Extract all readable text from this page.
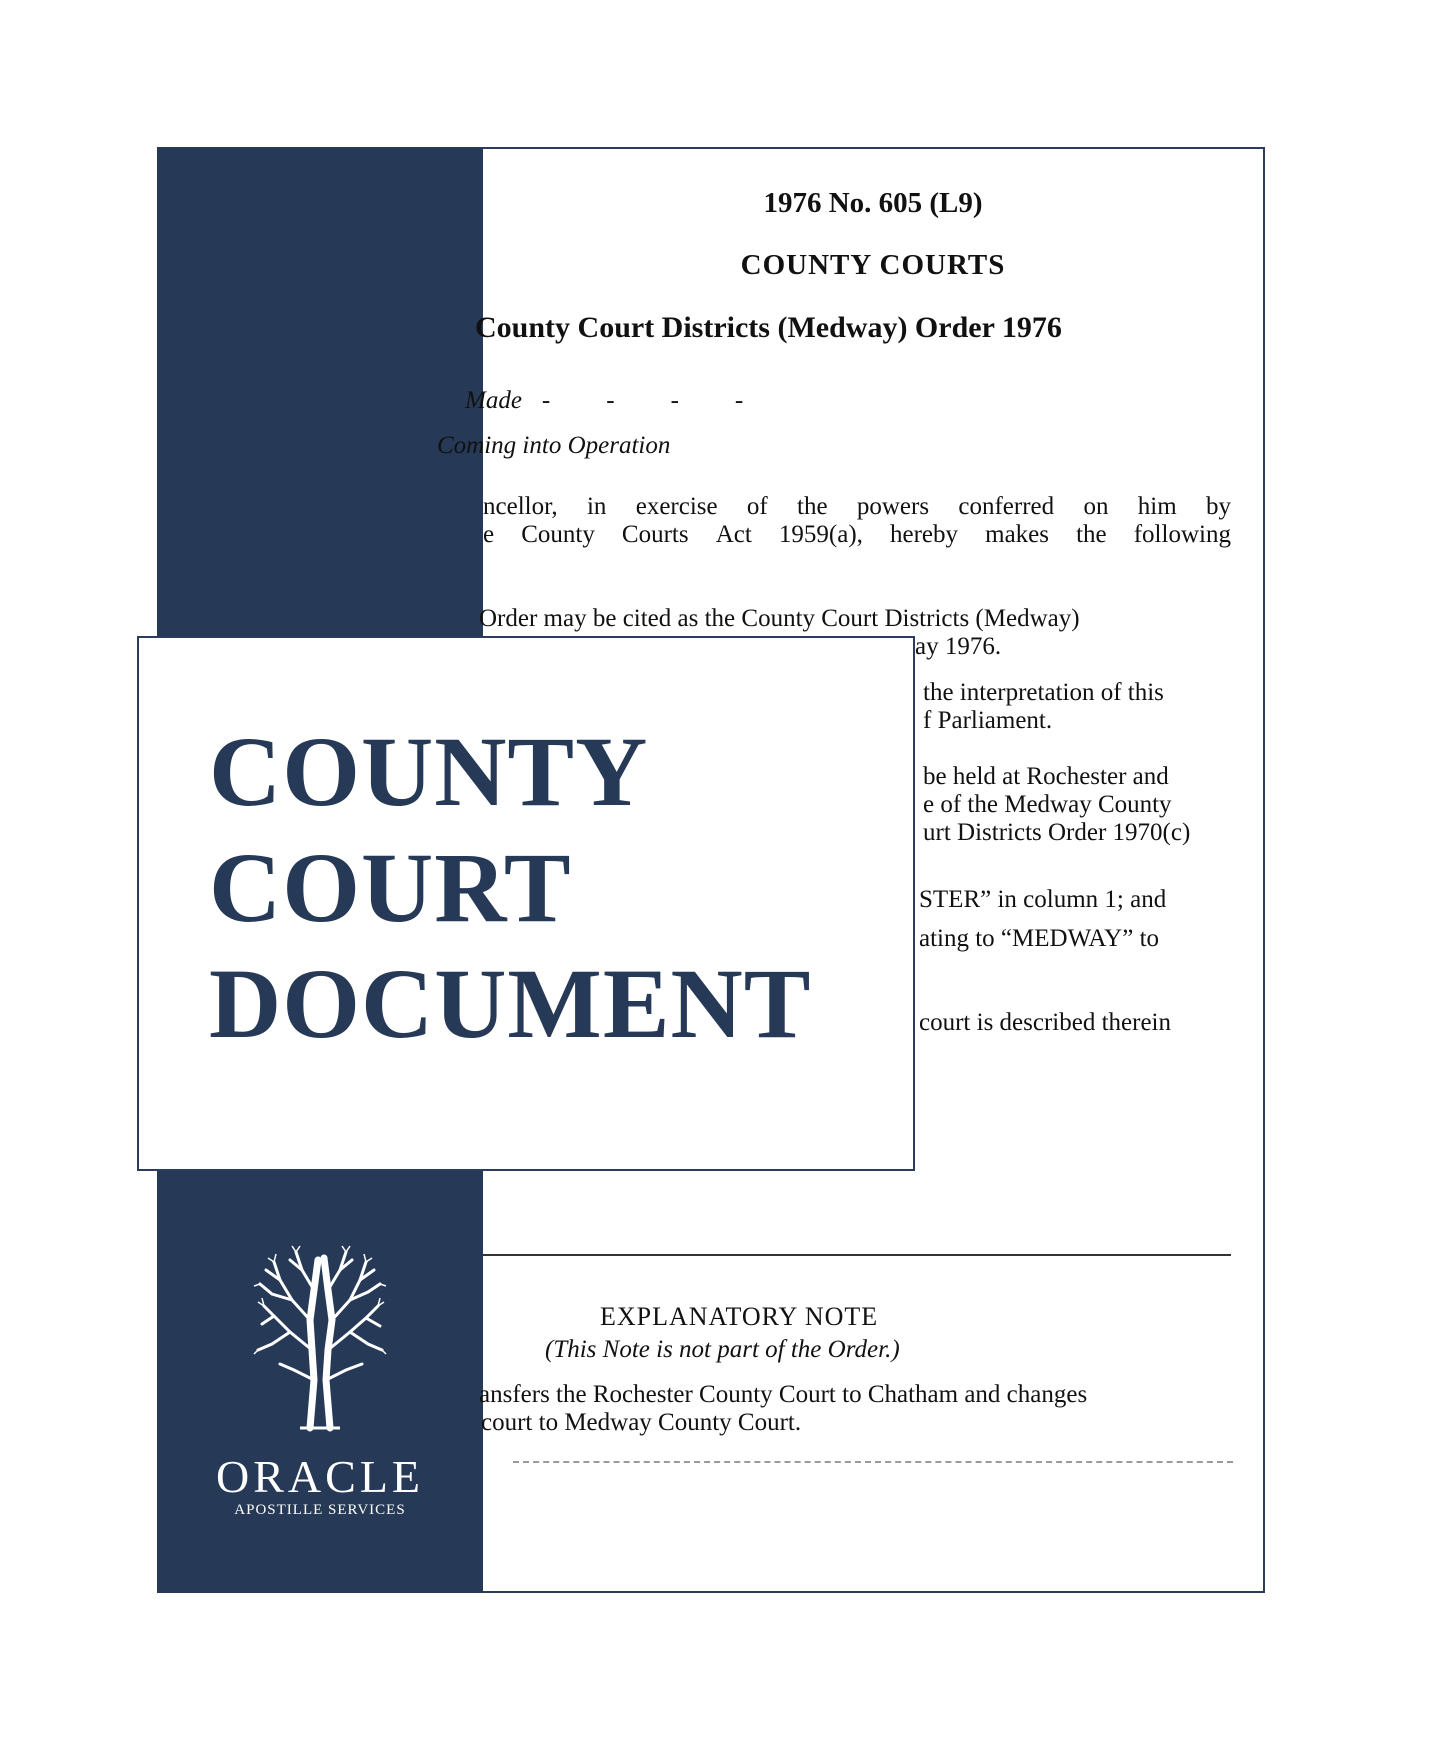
1976 No. 605 (L9)
COUNTY COURTS
County Court Districts (Medway) Order 1976
Made - - - -
Coming into Operation
ncellor, in exercise of the powers conferred on him by
e County Courts Act 1959(a), hereby makes the following
Order may be cited as the County Court Districts (Medway)
ay 1976.
the interpretation of this
f Parliament.
be held at Rochester and
e of the Medway County
urt Districts Order 1970(c)
STER” in column 1; and
ating to “MEDWAY” to
court is described therein
EXPLANATORY NOTE
(This Note is not part of the Order.)
ansfers the Rochester County Court to Chatham and changes
court to Medway County Court.
COUNTY
COURT
DOCUMENT
ORACLE
APOSTILLE SERVICES
